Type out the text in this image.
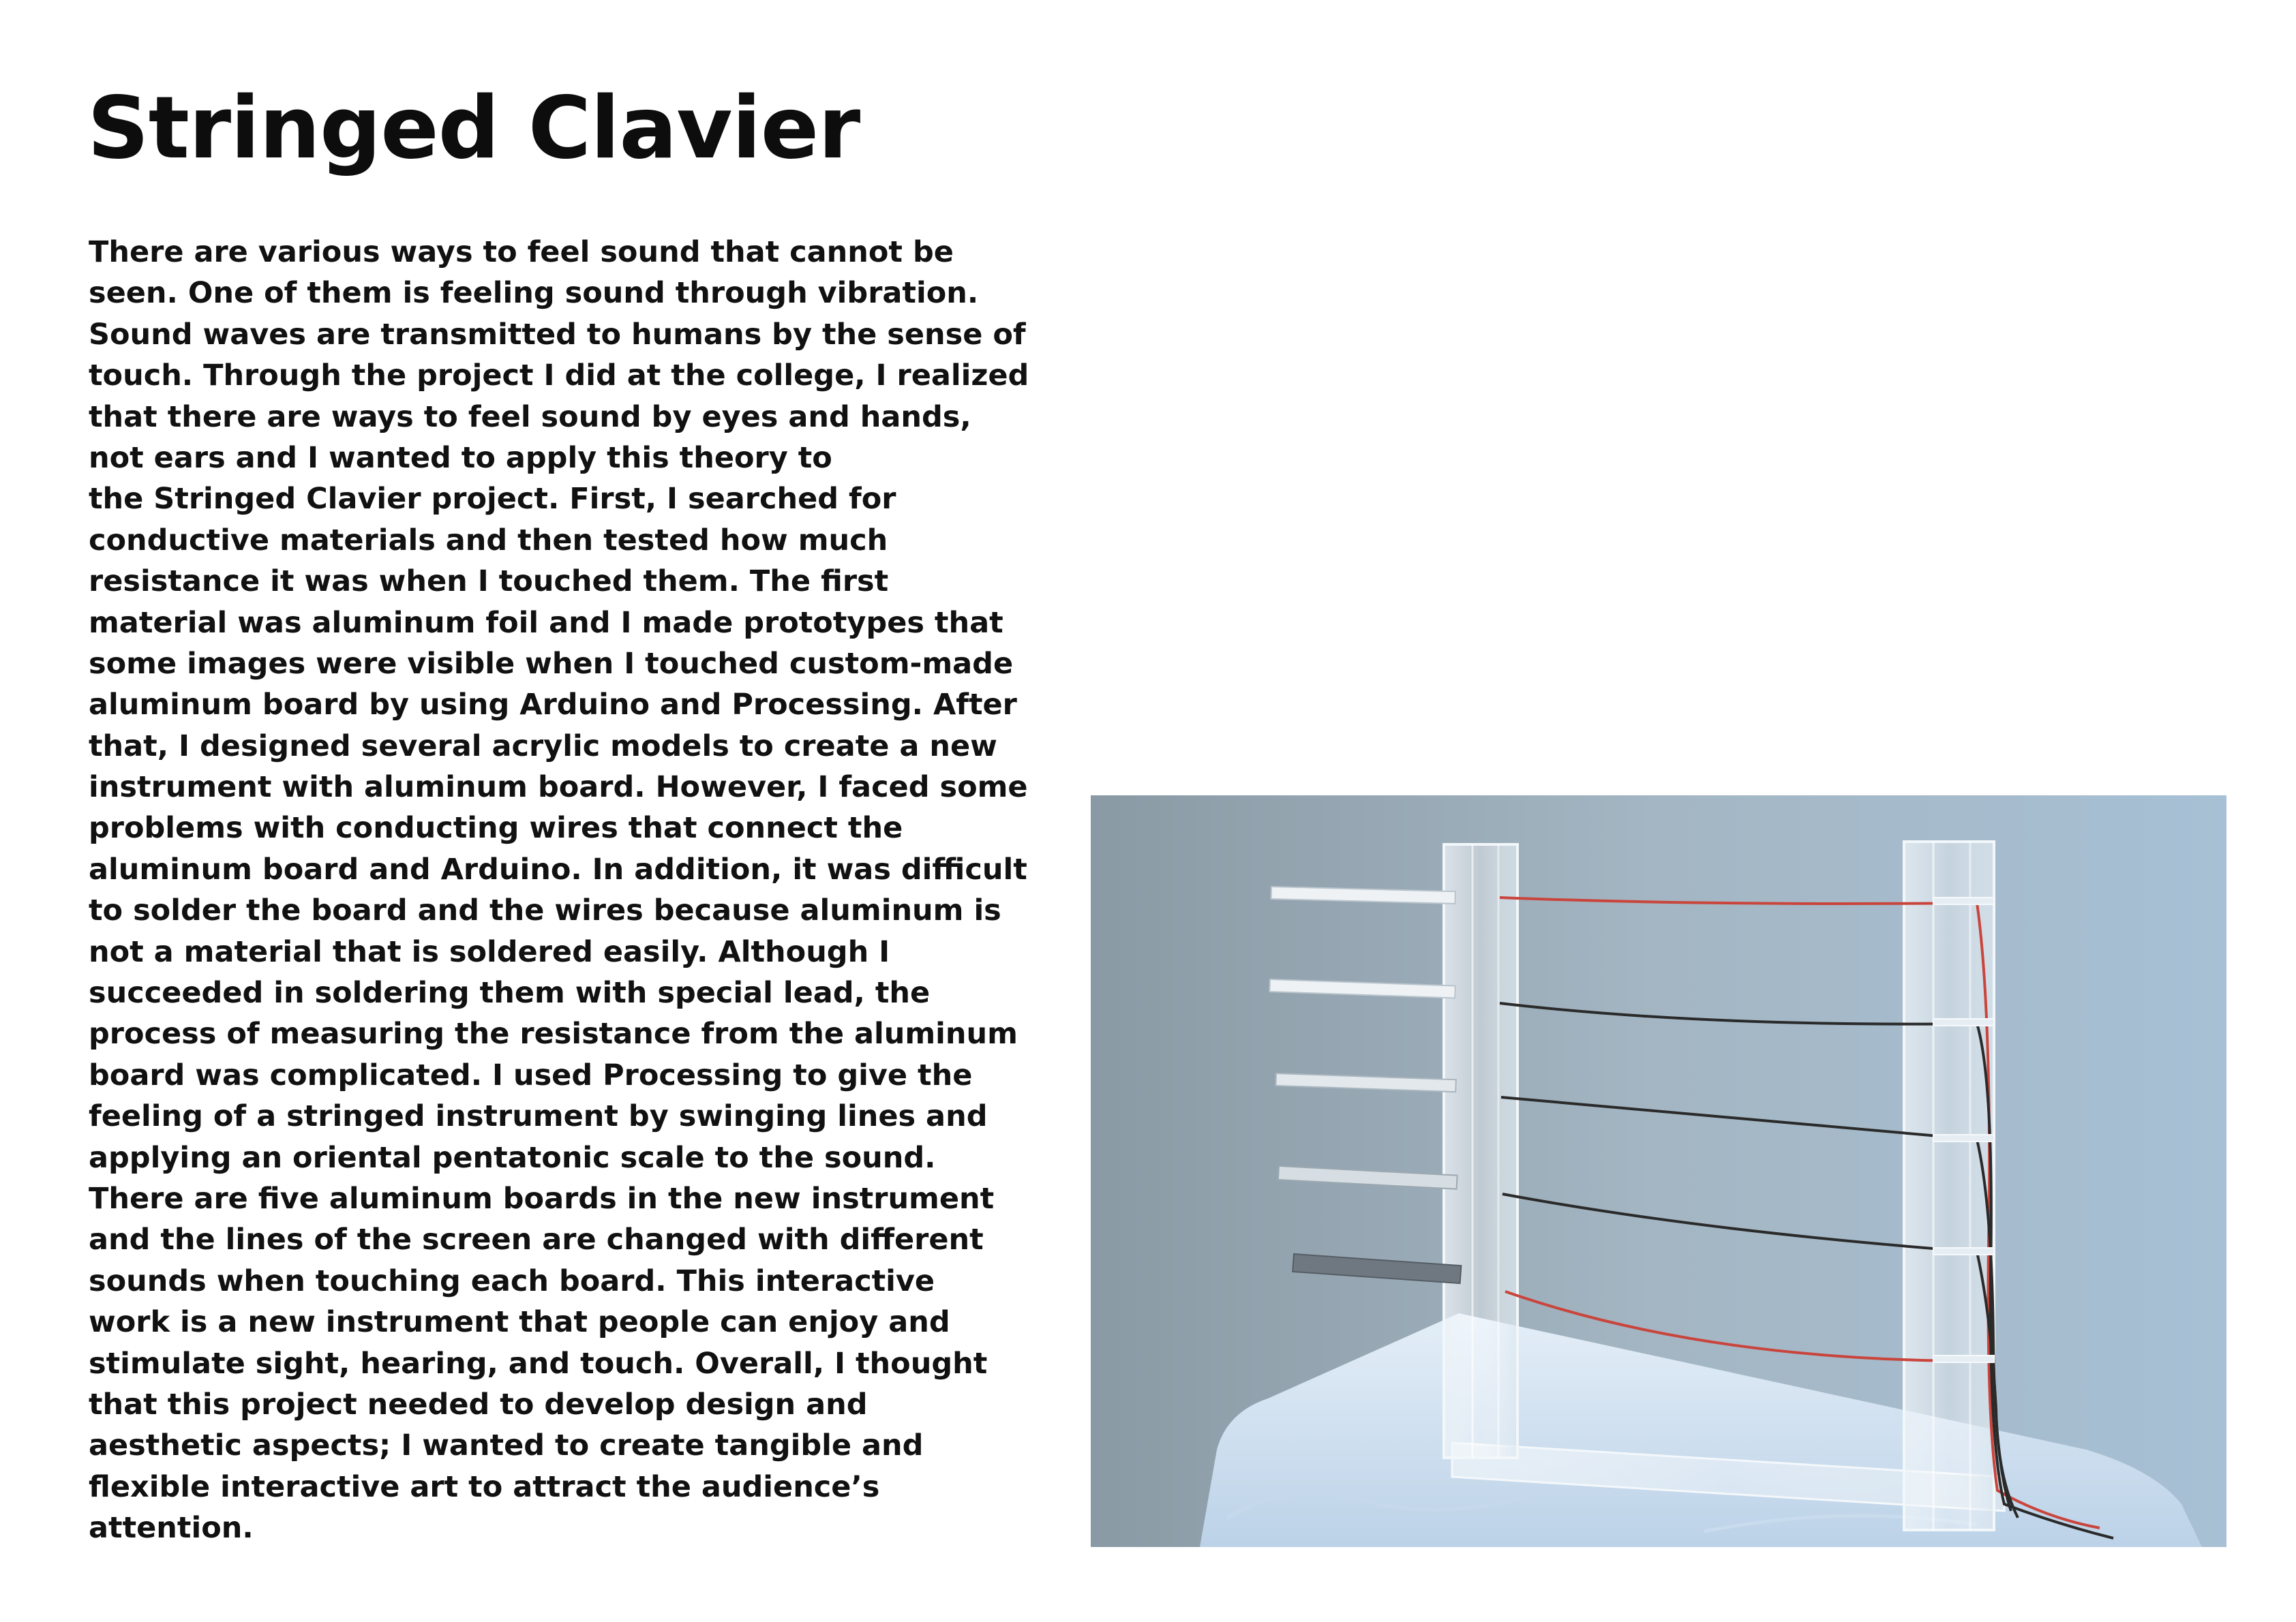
Stringed Clavier
There are various ways to feel sound that cannot be
seen. One of them is feeling sound through vibration.
Sound waves are transmitted to humans by the sense of
touch. Through the project I did at the college, I realized
that there are ways to feel sound by eyes and hands,
not ears and I wanted to apply this theory to
the Stringed Clavier project. First, I searched for
conductive materials and then tested how much
resistance it was when I touched them. The first
material was aluminum foil and I made prototypes that
some images were visible when I touched custom-made
aluminum board by using Arduino and Processing. After
that, I designed several acrylic models to create a new
instrument with aluminum board. However, I faced some
problems with conducting wires that connect the
aluminum board and Arduino. In addition, it was difficult
to solder the board and the wires because aluminum is
not a material that is soldered easily. Although I
succeeded in soldering them with special lead, the
process of measuring the resistance from the aluminum
board was complicated. I used Processing to give the
feeling of a stringed instrument by swinging lines and
applying an oriental pentatonic scale to the sound.
There are five aluminum boards in the new instrument
and the lines of the screen are changed with different
sounds when touching each board. This interactive
work is a new instrument that people can enjoy and
stimulate sight, hearing, and touch. Overall, I thought
that this project needed to develop design and
aesthetic aspects; I wanted to create tangible and
flexible interactive art to attract the audience’s
attention.
